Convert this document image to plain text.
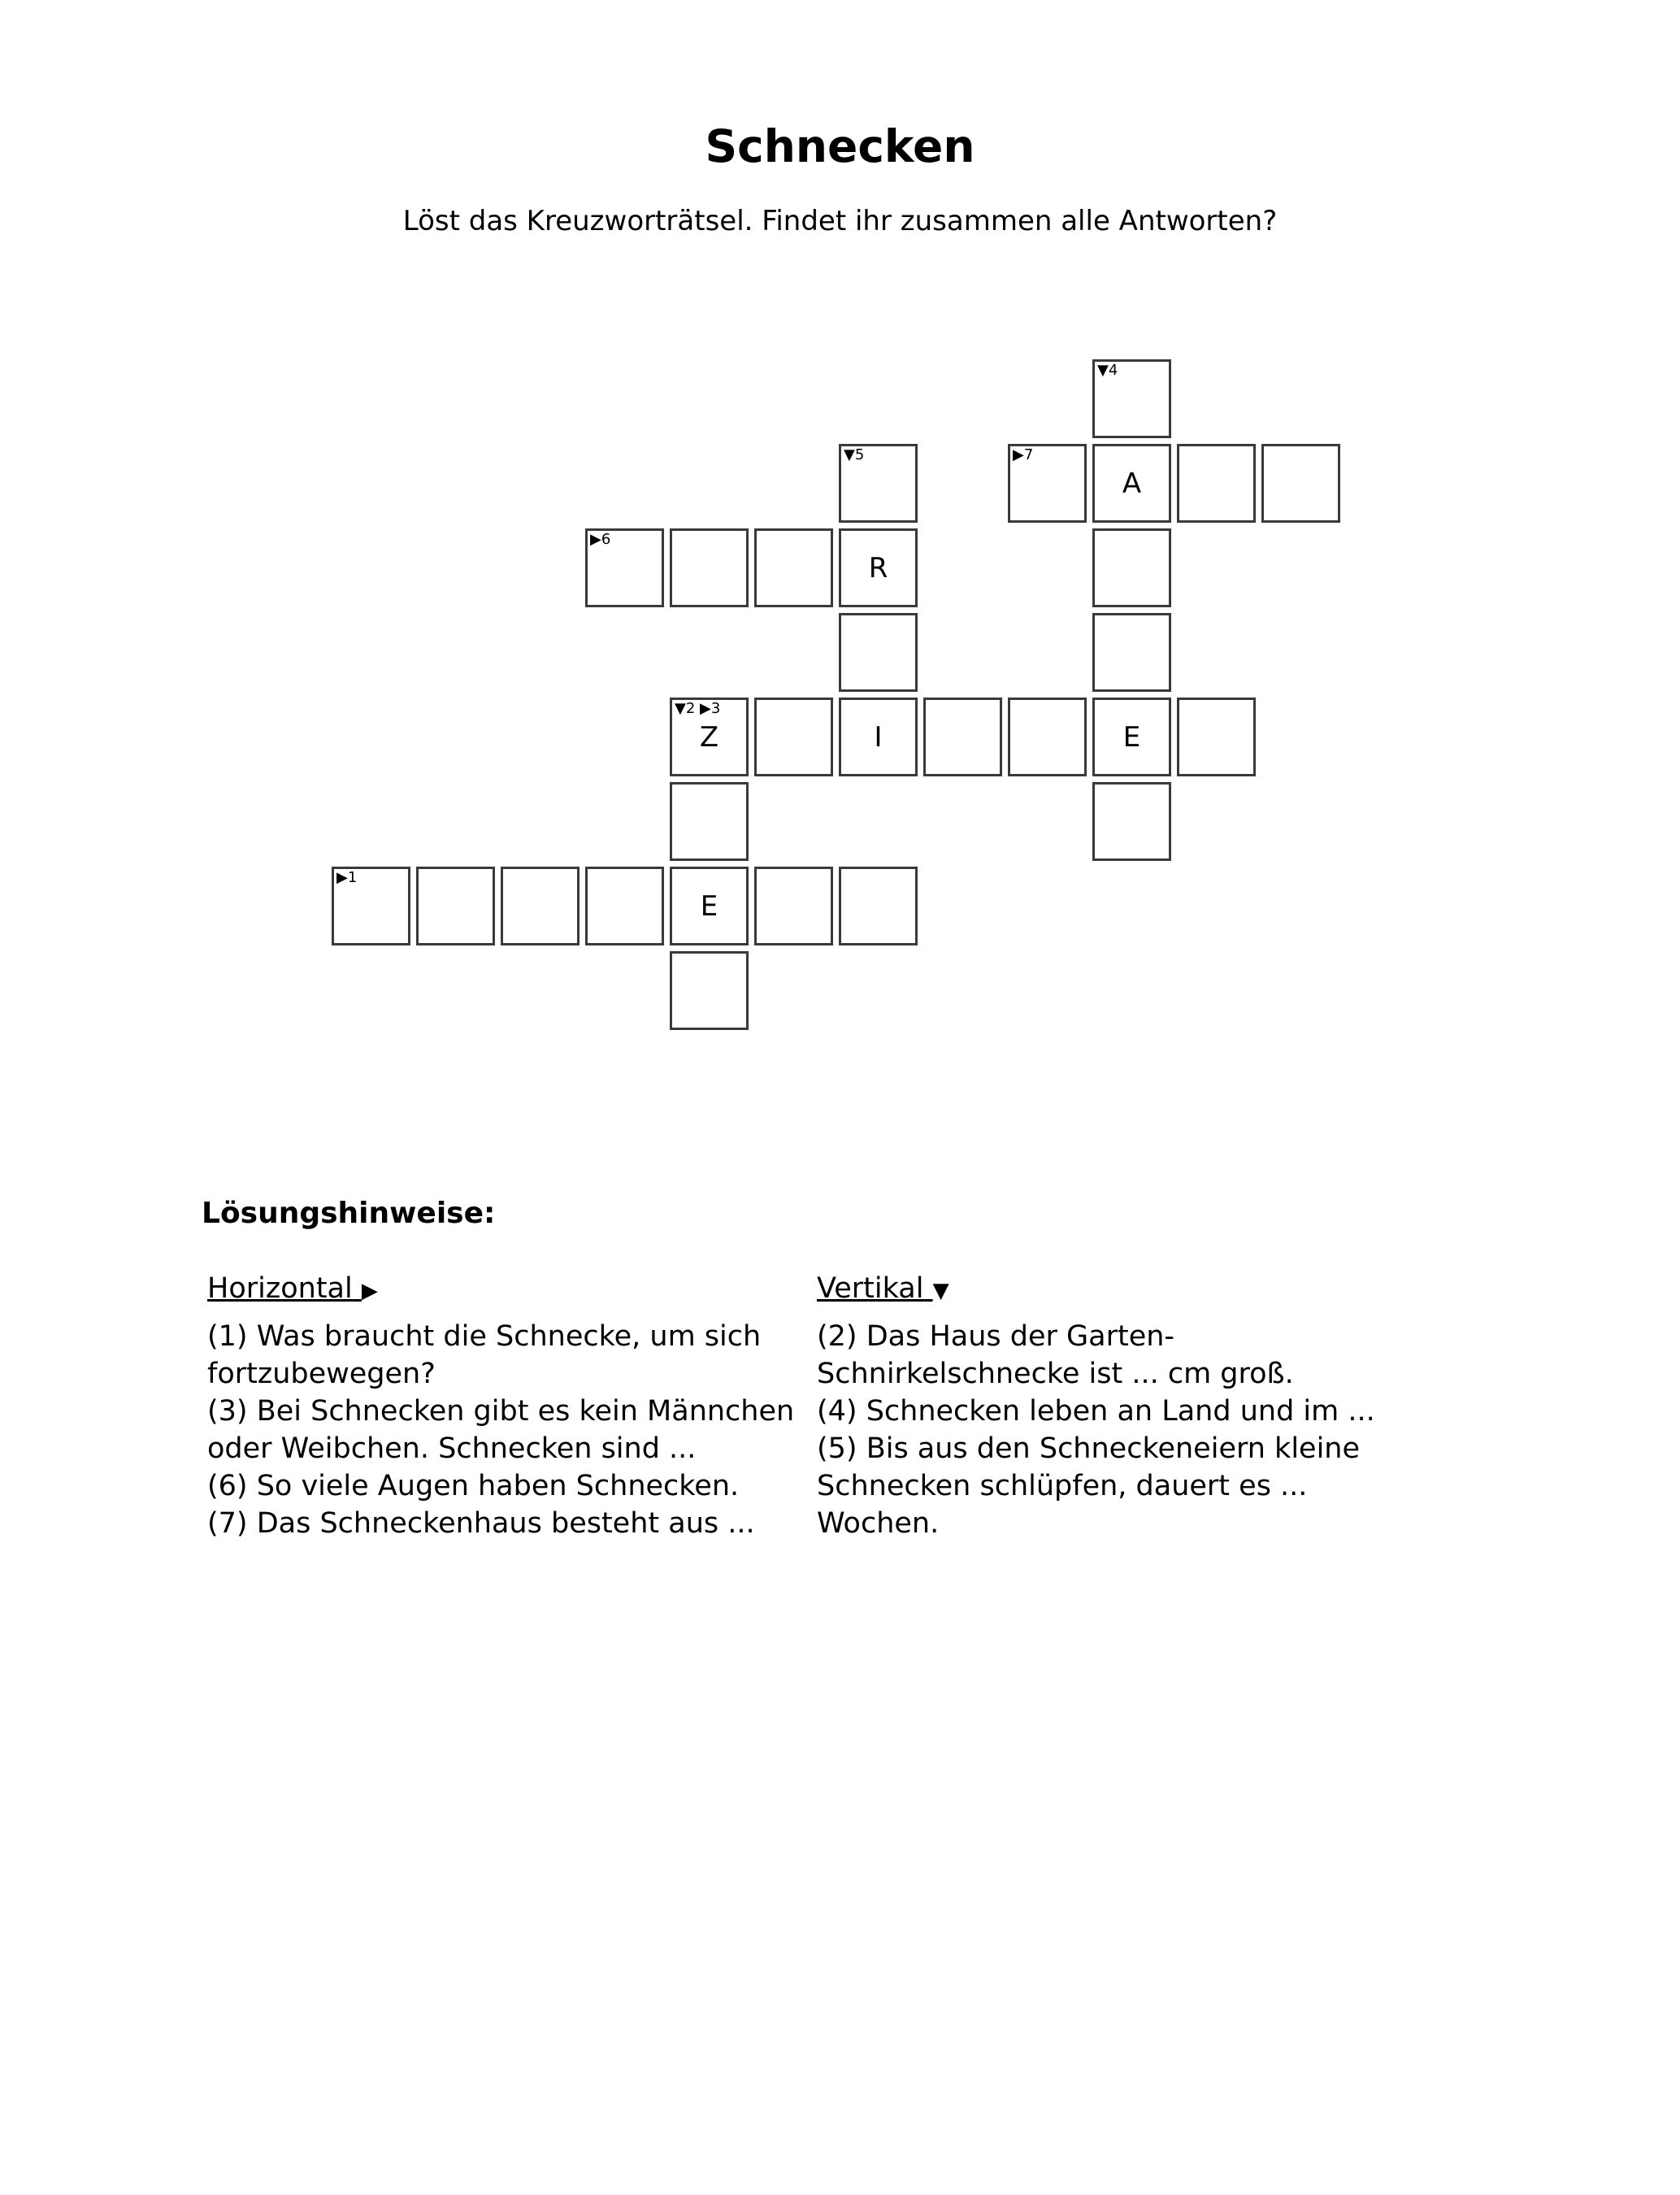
Schnecken

Löst das Kreuzworträtsel. Findet ihr zusammen alle Antworten?

▼4
▼5	▶7
A
▶6
R
▼2 ▶3
Z	I	E
▶1
E
Lösungshinweise:
Horizontal ▶

(1) Was braucht die Schnecke, um sich fortzubewegen?

(3) Bei Schnecken gibt es kein Männchen oder Weibchen. Schnecken sind ...

(6) So viele Augen haben Schnecken.

(7) Das Schneckenhaus besteht aus ...

Vertikal ▼

(2) Das Haus der Garten-Schnirkelschnecke ist ... cm groß.

(4) Schnecken leben an Land und im ...

(5) Bis aus den Schneckeneiern kleine Schnecken schlüpfen, dauert es ... Wochen.
